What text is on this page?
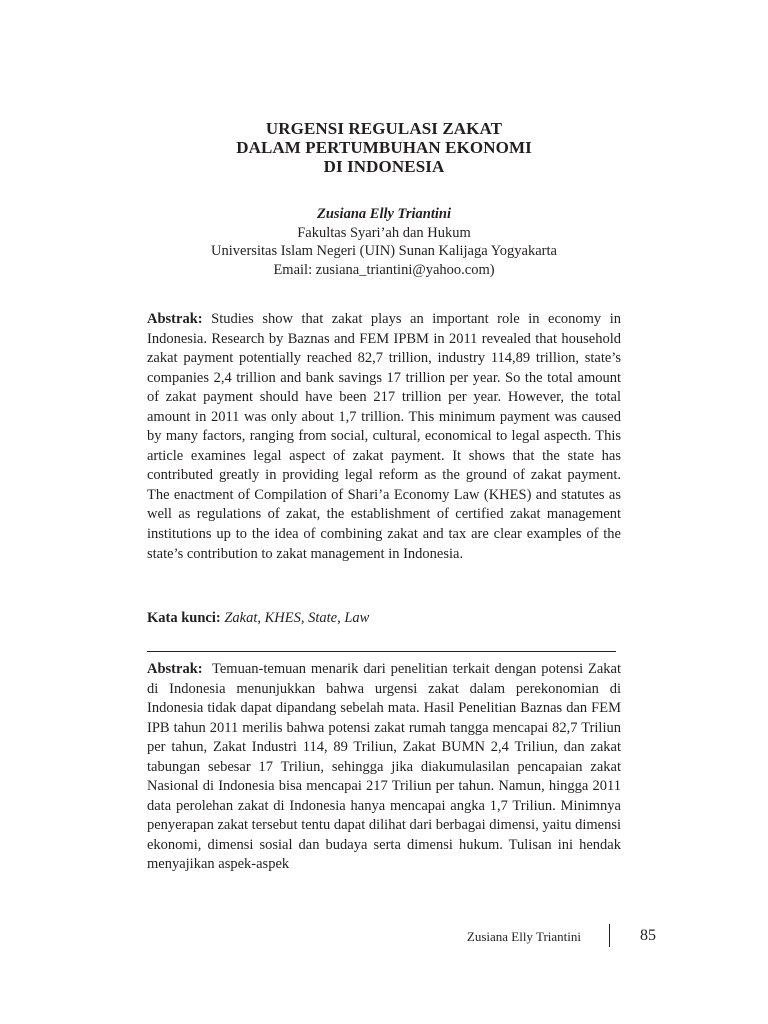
URGENSI REGULASI ZAKAT
DALAM PERTUMBUHAN EKONOMI
DI INDONESIA
Zusiana Elly Triantini
Fakultas Syari’ah dan Hukum
Universitas Islam Negeri (UIN) Sunan Kalijaga Yogyakarta
Email: zusiana_triantini@yahoo.com)
Abstrak: Studies show that zakat plays an important role in economy in Indonesia. Research by Baznas and FEM IPBM in 2011 revealed that household zakat payment potentially reached 82,7 trillion, industry 114,89 trillion, state’s companies 2,4 trillion and bank savings 17 trillion per year. So the total amount of zakat payment should have been 217 trillion per year. However, the total amount in 2011 was only about 1,7 trillion. This minimum payment was caused by many factors, ranging from social, cultural, economical to legal aspecth. This article examines legal aspect of zakat payment. It shows that the state has contributed greatly in providing legal reform as the ground of zakat payment. The enactment of Compilation of Shari’a Economy Law (KHES) and statutes as well as regulations of zakat, the establishment of certified zakat management institutions up to the idea of combining zakat and tax are clear examples of the state’s contribution to zakat management in Indonesia.
Kata kunci: Zakat, KHES, State, Law
Abstrak: Temuan-temuan menarik dari penelitian terkait dengan potensi Zakat di Indonesia menunjukkan bahwa urgensi zakat dalam perekonomian di Indonesia tidak dapat dipandang sebelah mata. Hasil Penelitian Baznas dan FEM IPB tahun 2011 merilis bahwa potensi zakat rumah tangga mencapai 82,7 Triliun per tahun, Zakat Industri 114, 89 Triliun, Zakat BUMN 2,4 Triliun, dan zakat tabungan sebesar 17 Triliun, sehingga jika diakumulasilan pencapaian zakat Nasional di Indonesia bisa mencapai 217 Triliun per tahun. Namun, hingga 2011 data perolehan zakat di Indonesia hanya mencapai angka 1,7 Triliun. Minimnya penyerapan zakat tersebut tentu dapat dilihat dari berbagai dimensi, yaitu dimensi ekonomi, dimensi sosial dan budaya serta dimensi hukum. Tulisan ini hendak menyajikan aspek-aspek
Zusiana Elly Triantini	85
